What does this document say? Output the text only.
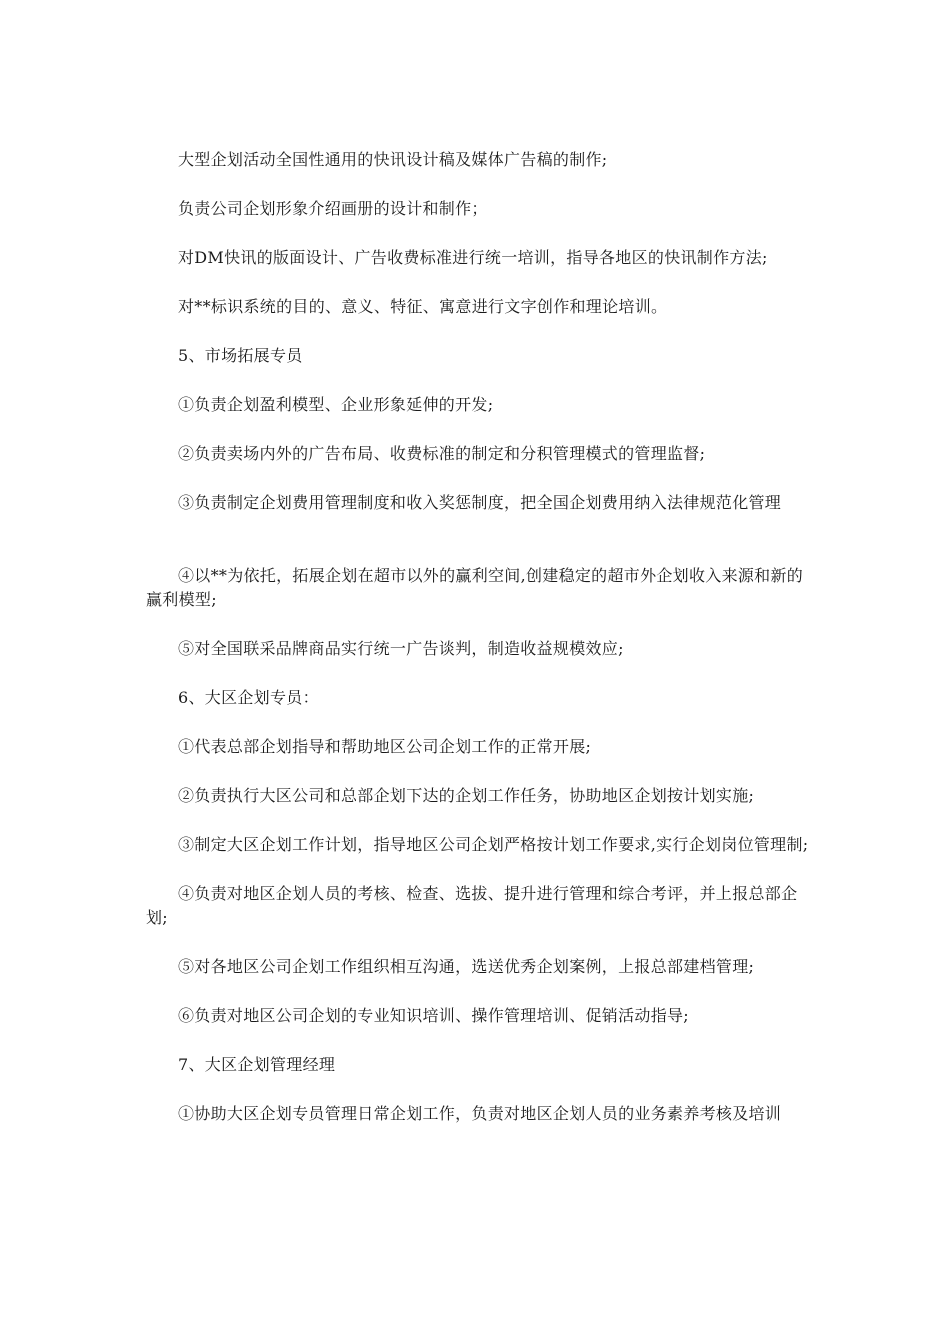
大型企划活动全国性通用的快讯设计稿及媒体广告稿的制作;

负责公司企划形象介绍画册的设计和制作；

对DM快讯的版面设计、广告收费标准进行统一培训，指导各地区的快讯制作方法;

对**标识系统的目的、意义、特征、寓意进行文字创作和理论培训。

5、市场拓展专员

①负责企划盈利模型、企业形象延伸的开发;

②负责卖场内外的广告布局、收费标准的制定和分积管理模式的管理监督;

③负责制定企划费用管理制度和收入奖惩制度，把全国企划费用纳入法律规范化管理

④以**为依托，拓展企划在超市以外的赢利空间,创建稳定的超市外企划收入来源和新的赢利模型;

⑤对全国联采品牌商品实行统一广告谈判，制造收益规模效应;

6、大区企划专员：

①代表总部企划指导和帮助地区公司企划工作的正常开展;

②负责执行大区公司和总部企划下达的企划工作任务，协助地区企划按计划实施;

③制定大区企划工作计划，指导地区公司企划严格按计划工作要求,实行企划岗位管理制;

④负责对地区企划人员的考核、检查、选拔、提升进行管理和综合考评，并上报总部企划;

⑤对各地区公司企划工作组织相互沟通，选送优秀企划案例，上报总部建档管理;

⑥负责对地区公司企划的专业知识培训、操作管理培训、促销活动指导;

7、大区企划管理经理

①协助大区企划专员管理日常企划工作，负责对地区企划人员的业务素养考核及培训
